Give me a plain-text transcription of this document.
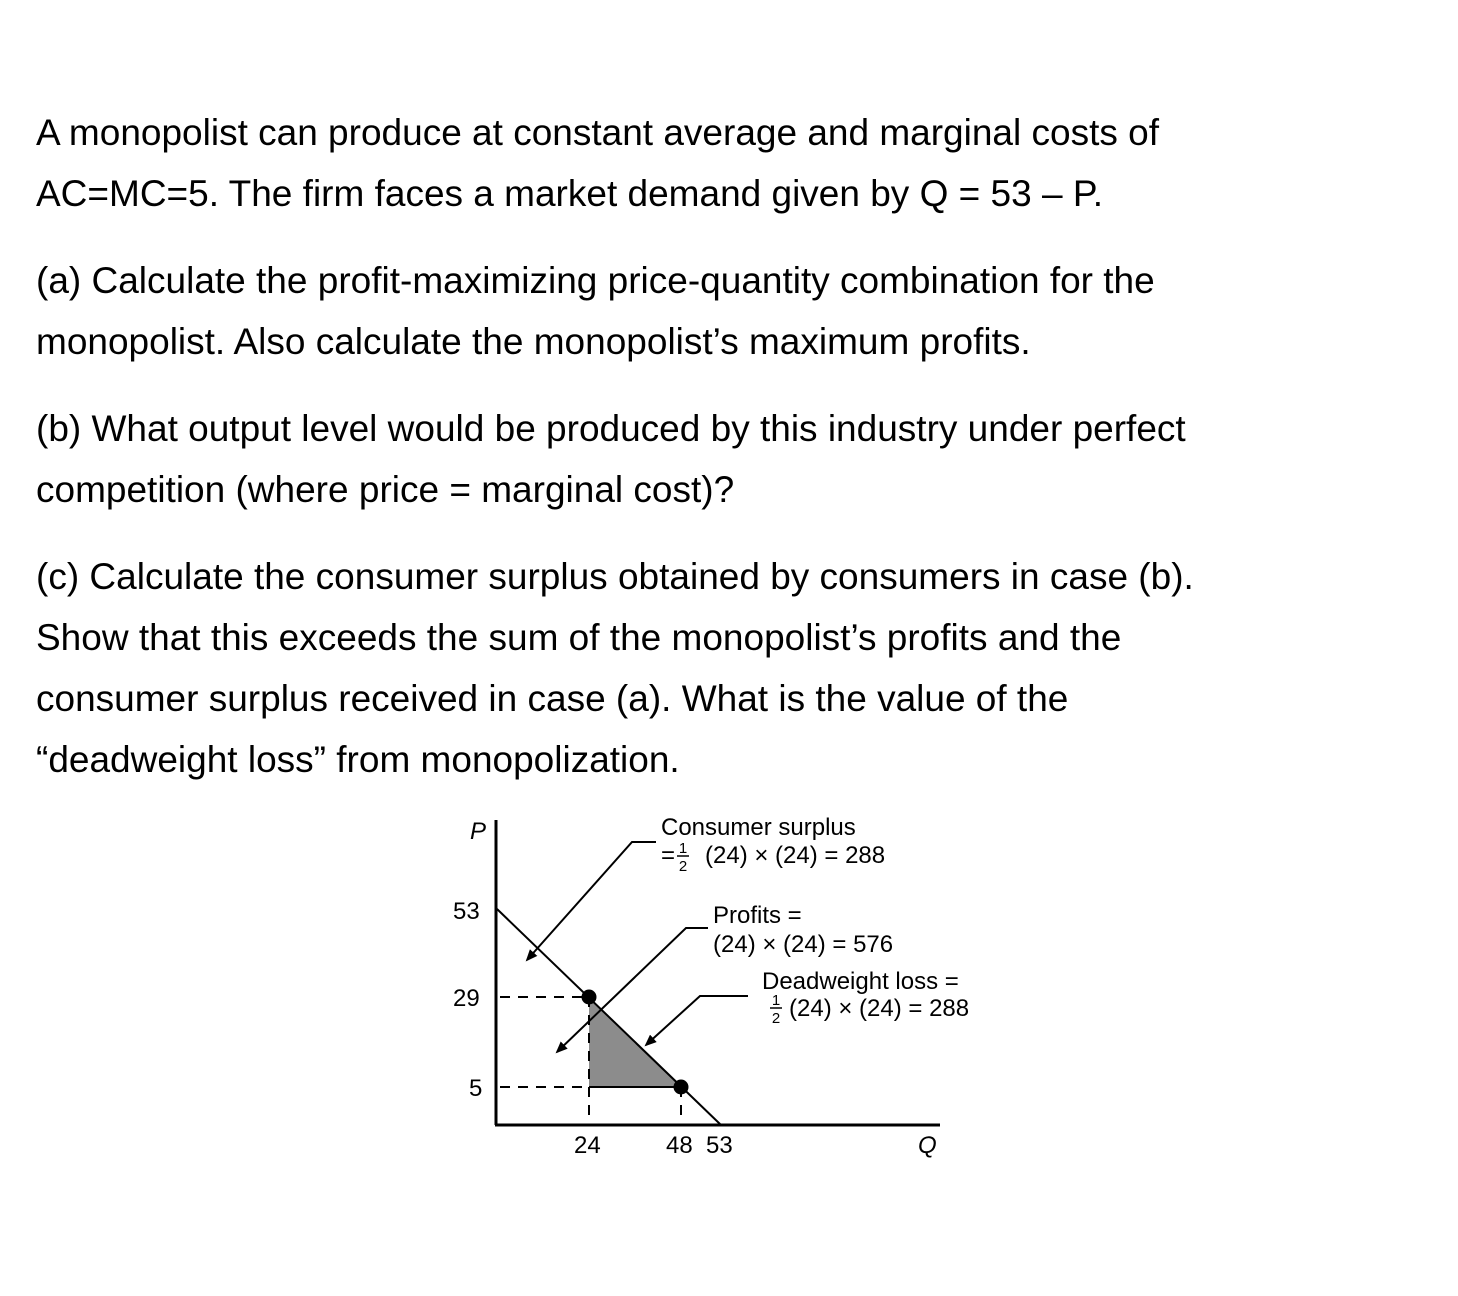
A monopolist can produce at constant average and marginal costs of
AC=MC=5. The firm faces a market demand given by Q = 53 – P.

(a) Calculate the profit-maximizing price-quantity combination for the
monopolist. Also calculate the monopolist’s maximum profits.

(b) What output level would be produced by this industry under perfect
competition (where price = marginal cost)?

(c) Calculate the consumer surplus obtained by consumers in case (b).
Show that this exceeds the sum of the monopolist’s profits and the
consumer surplus received in case (a). What is the value of the
“deadweight loss” from monopolization.

P
Q
53
29
5
24	48 53
Consumer surplus
= 1
2 (24) × (24) = 288
Profits =
(24) × (24) = 576
Deadweight loss =
1
2 (24) × (24) = 288
